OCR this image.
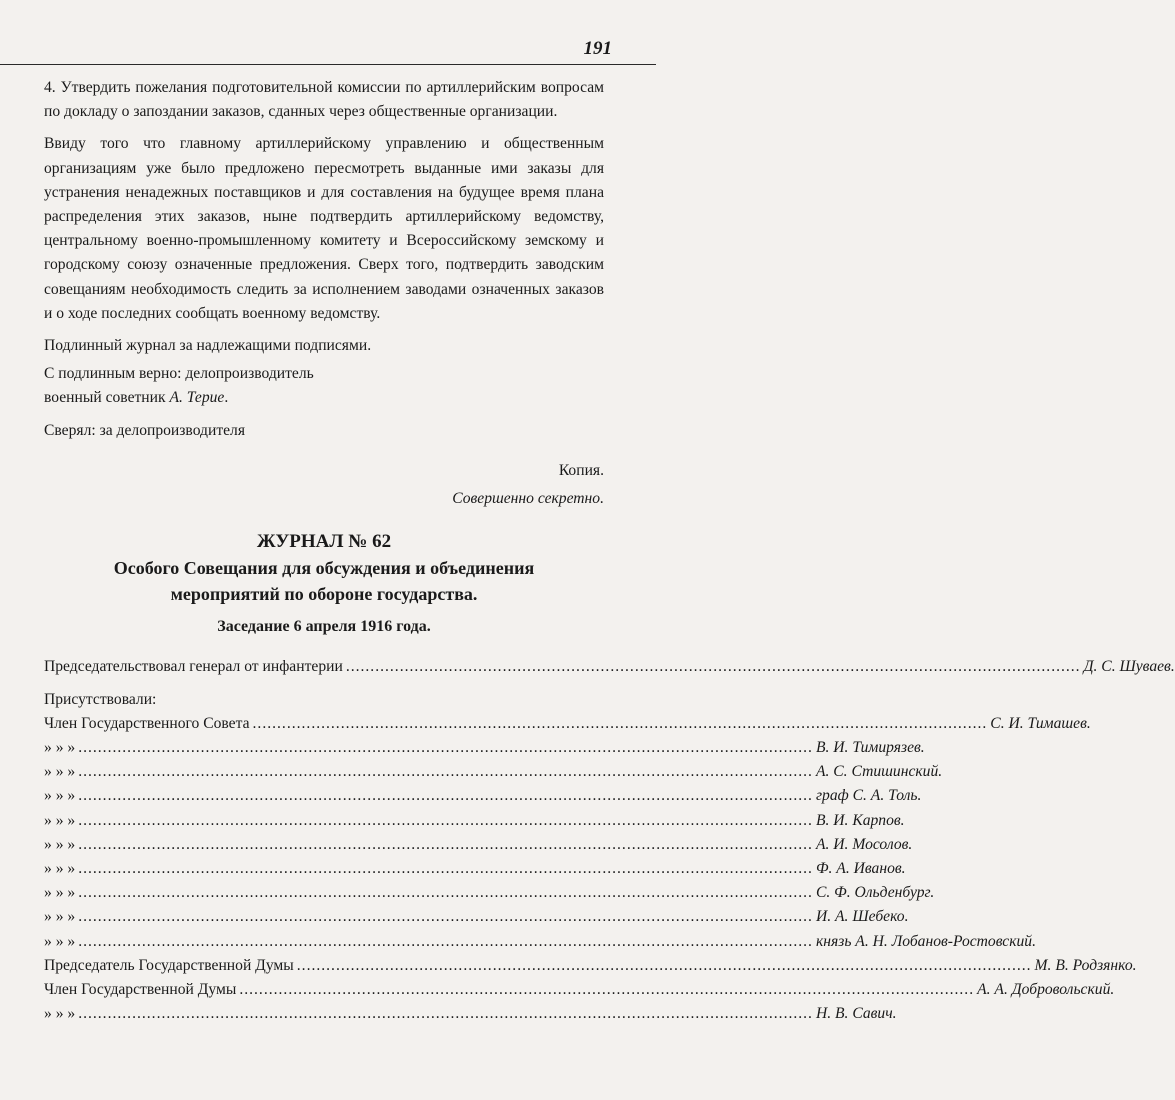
191

4. Утвердить пожелания подготовительной комиссии по артиллерийским вопросам по докладу о запоздании заказов, сданных через общественные организации.

Ввиду того что главному артиллерийскому управлению и общественным организациям уже было предложено пересмотреть выданные ими заказы для устранения ненадежных поставщиков и для составления на будущее время плана распределения этих заказов, ныне подтвердить артиллерийскому ведомству, центральному военно-промышленному комитету и Всероссийскому земскому и городскому союзу означенные предложения. Сверх того, подтвердить заводским совещаниям необходимость следить за исполнением заводами означенных заказов и о ходе последних сообщать военному ведомству.

Подлинный журнал за надлежащими подписями.

С подлинным верно: делопроизводитель

военный советник А. Терие.

Сверял: за делопроизводителя

Копия.

Совершенно секретно.

ЖУРНАЛ № 62
Особого Совещания для обсуждения и объединения
мероприятий по обороне государства.
Заседание 6 апреля 1916 года.
Председательствовал генерал от инфантерии ...................................................................................................................................................... Д. С. Шуваев.

Присутствовали:

Член Государственного Совета ...................................................................................................................................................... С. И. Тимашев.
» » » ...................................................................................................................................................... В. И. Тимирязев.
» » » ...................................................................................................................................................... А. С. Стишинский.
» » » ...................................................................................................................................................... граф С. А. Толь.
» » » ...................................................................................................................................................... В. И. Карпов.
» » » ...................................................................................................................................................... А. И. Мосолов.
» » » ...................................................................................................................................................... Ф. А. Иванов.
» » » ...................................................................................................................................................... С. Ф. Ольденбург.
» » » ...................................................................................................................................................... И. А. Шебеко.
» » » ...................................................................................................................................................... князь А. Н. Лобанов-Ростовский.
Председатель Государственной Думы ...................................................................................................................................................... М. В. Родзянко.
Член Государственной Думы ...................................................................................................................................................... А. А. Добровольский.
» » » ...................................................................................................................................................... Н. В. Савич.
